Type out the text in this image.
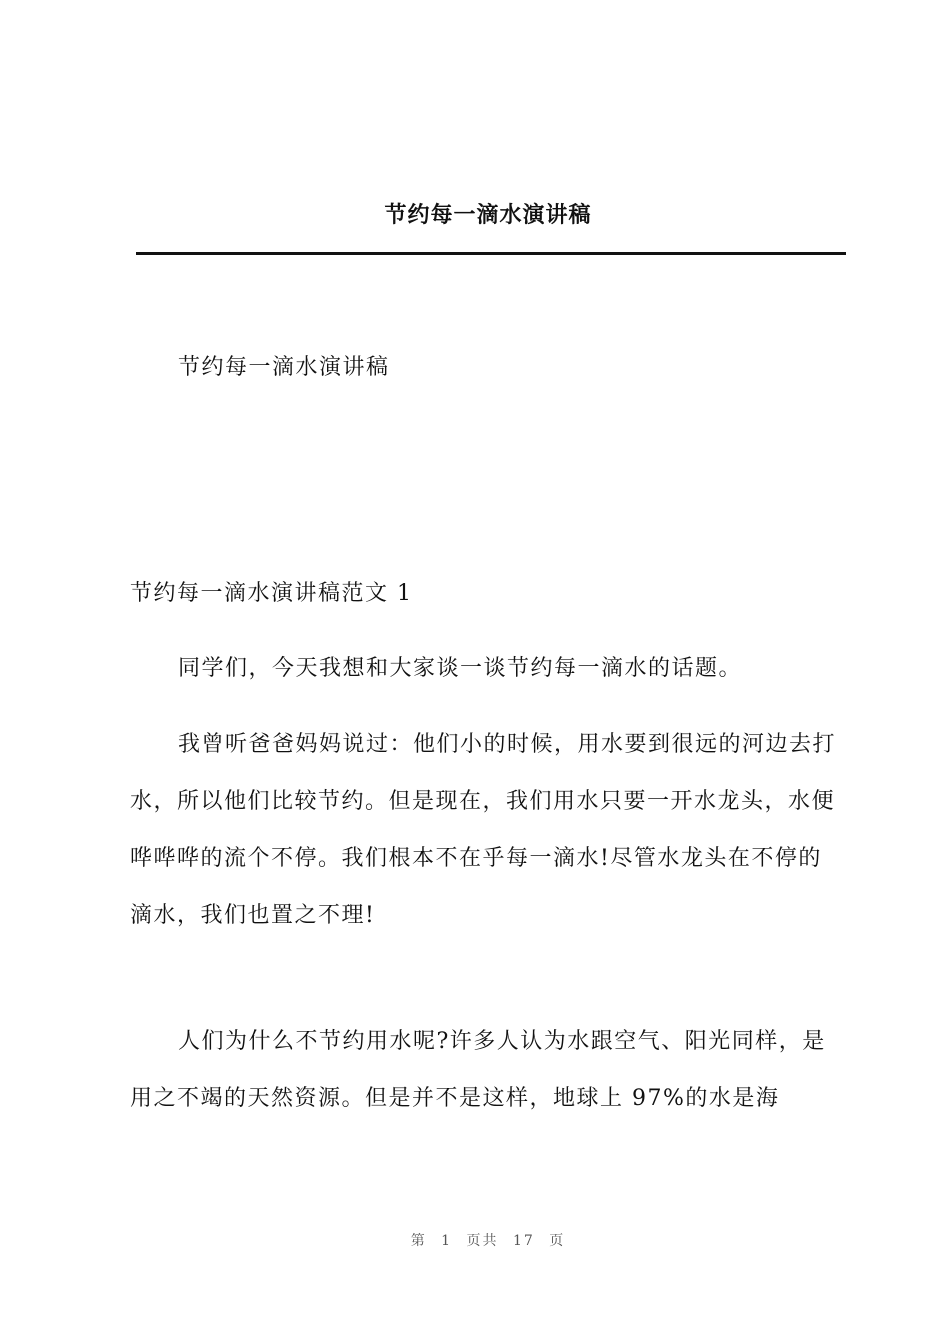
节约每一滴水演讲稿

节约每一滴水演讲稿

节约每一滴水演讲稿范文 1

同学们，今天我想和大家谈一谈节约每一滴水的话题。

我曾听爸爸妈妈说过：他们小的时候，用水要到很远的河边去打水，所以他们比较节约。但是现在，我们用水只要一开水龙头，水便哗哗哗的流个不停。我们根本不在乎每一滴水!尽管水龙头在不停的滴水，我们也置之不理!

人们为什么不节约用水呢?许多人认为水跟空气、阳光同样，是用之不竭的天然资源。但是并不是这样，地球上 97%的水是海

第 1 页共 17 页
